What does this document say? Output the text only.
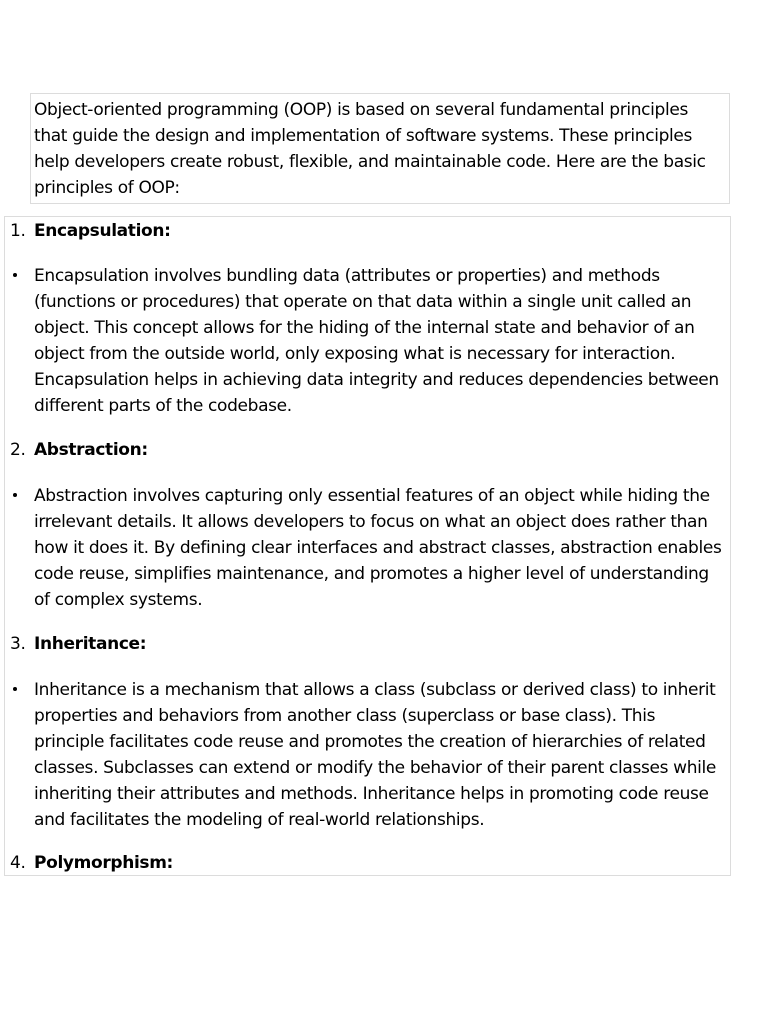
Object-oriented programming (OOP) is based on several fundamental principles that guide the design and implementation of software systems. These principles help developers create robust, flexible, and maintainable code. Here are the basic principles of OOP:
1. Encapsulation:
Encapsulation involves bundling data (attributes or properties) and methods (functions or procedures) that operate on that data within a single unit called an object. This concept allows for the hiding of the internal state and behavior of an object from the outside world, only exposing what is necessary for interaction. Encapsulation helps in achieving data integrity and reduces dependencies between different parts of the codebase.
2. Abstraction:
Abstraction involves capturing only essential features of an object while hiding the irrelevant details. It allows developers to focus on what an object does rather than how it does it. By defining clear interfaces and abstract classes, abstraction enables code reuse, simplifies maintenance, and promotes a higher level of understanding of complex systems.
3. Inheritance:
Inheritance is a mechanism that allows a class (subclass or derived class) to inherit properties and behaviors from another class (superclass or base class). This principle facilitates code reuse and promotes the creation of hierarchies of related classes. Subclasses can extend or modify the behavior of their parent classes while inheriting their attributes and methods. Inheritance helps in promoting code reuse and facilitates the modeling of real-world relationships.
4. Polymorphism:
